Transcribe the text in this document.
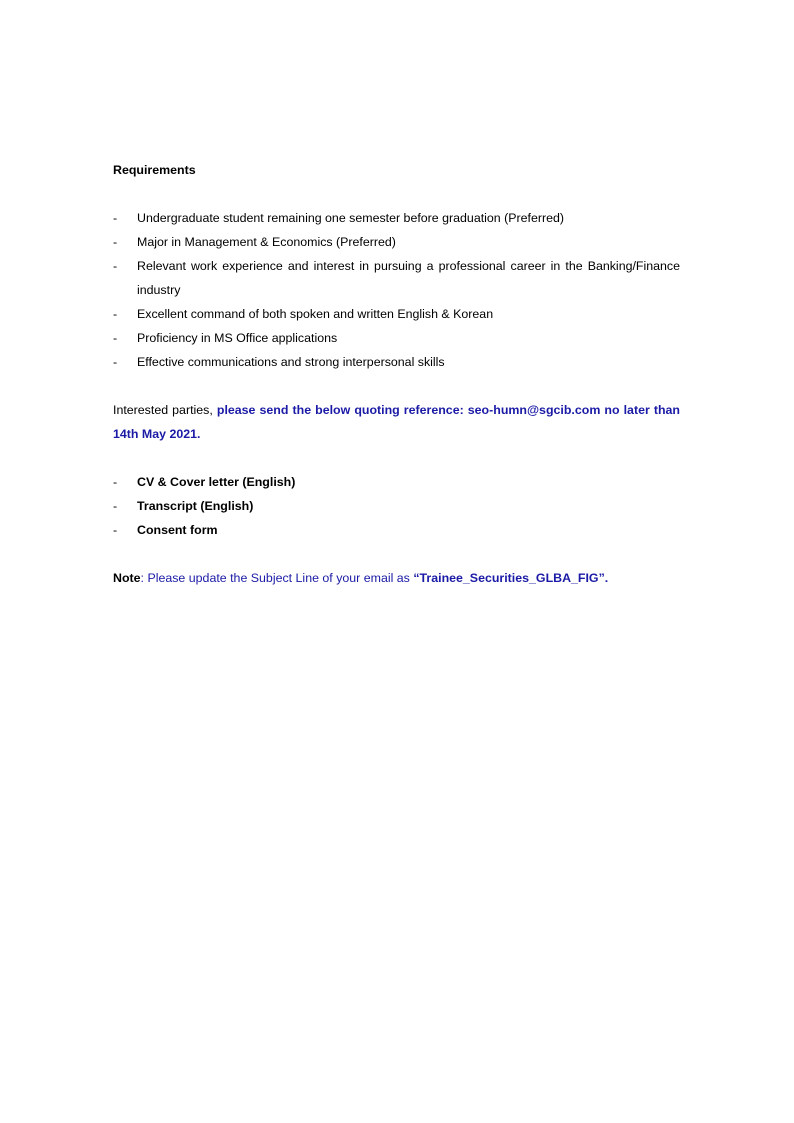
Requirements
- Undergraduate student remaining one semester before graduation (Preferred)
- Major in Management & Economics (Preferred)
- Relevant work experience and interest in pursuing a professional career in the Banking/Finance industry
- Excellent command of both spoken and written English & Korean
- Proficiency in MS Office applications
- Effective communications and strong interpersonal skills

Interested parties, please send the below quoting reference: seo-humn@sgcib.com no later than 14th May 2021.

- CV & Cover letter (English)
- Transcript (English)
- Consent form

Note: Please update the Subject Line of your email as “Trainee_Securities_GLBA_FIG”.
